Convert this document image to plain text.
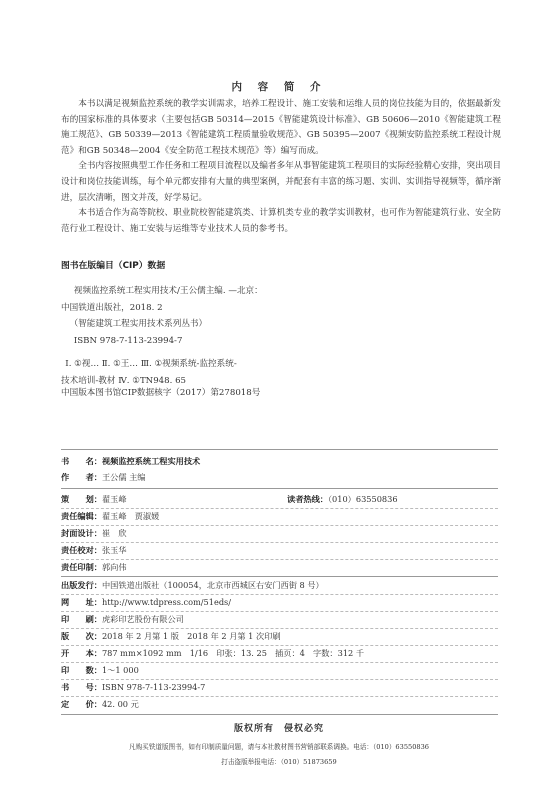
内 容 简 介

本书以满足视频监控系统的教学实训需求，培养工程设计、施工安装和运维人员的岗位技能为目的，依据最新发布的国家标准的具体要求（主要包括GB 50314—2015《智能建筑设计标准》、GB 50606—2010《智能建筑工程施工规范》、GB 50339—2013《智能建筑工程质量验收规范》、GB 50395—2007《视频安防监控系统工程设计规范》和GB 50348—2004《安全防范工程技术规范》等）编写而成。

全书内容按照典型工作任务和工程项目流程以及编者多年从事智能建筑工程项目的实际经验精心安排，突出项目设计和岗位技能训练，每个单元都安排有大量的典型案例，并配套有丰富的练习题、实训、实训指导视频等，循序渐进，层次清晰，图文并茂，好学易记。

本书适合作为高等院校、职业院校智能建筑类、计算机类专业的教学实训教材，也可作为智能建筑行业、安全防范行业工程设计、施工安装与运维等专业技术人员的参考书。

图书在版编目（CIP）数据
视频监控系统工程实用技术/王公儒主编. —北京：
中国铁道出版社，2018. 2
（智能建筑工程实用技术系列丛书）
ISBN 978-7-113-23994-7
Ⅰ. ①视… Ⅱ. ①王… Ⅲ. ①视频系统-监控系统-
技术培训-教材 Ⅳ. ①TN948. 65
中国版本图书馆CIP数据核字（2017）第278018号
书　　名：视频监控系统工程实用技术
作　　者：王公儒 主编
策　　划：翟玉峰	读者热线：（010）63550836
责任编辑：翟玉峰　贾淑媛
封面设计：崔　欣
责任校对：张玉华
责任印制：郭向伟
出版发行：中国铁道出版社（100054，北京市西城区右安门西街 8 号）
网　　址：http://www.tdpress.com/51eds/
印　　刷：虎彩印艺股份有限公司
版　　次：2018 年 2 月第 1 版　2018 年 2 月第 1 次印刷
开　　本：787 mm×1092 mm　1/16　印张：13. 25　插页：4　字数：312 千
印　　数：1～1 000
书　　号：ISBN 978-7-113-23994-7
定　　价：42. 00 元
版权所有　侵权必究
凡购买铁道版图书，如有印制质量问题，请与本社教材图书营销部联系调换。电话：（010）63550836
打击盗版举报电话：（010）51873659
